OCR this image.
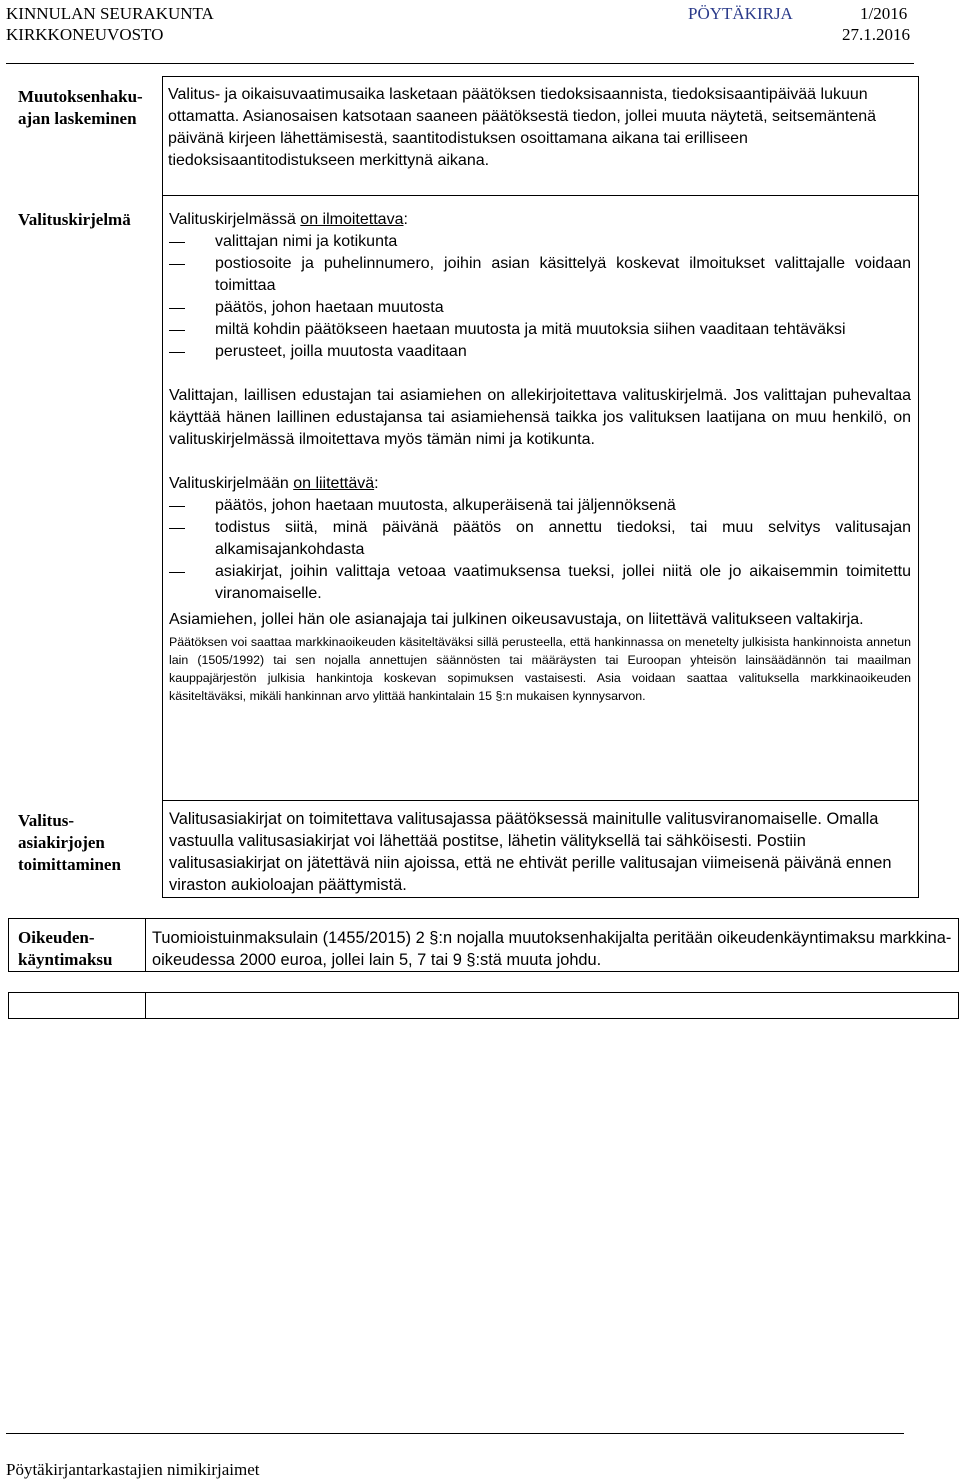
KINNULAN SEURAKUNTA
KIRKKONEUVOSTO
PÖYTÄKIRJA	1/2016
27.1.2016
Muutoksenhaku-ajan laskeminen
Valitus- ja oikaisuvaatimusaika lasketaan päätöksen tiedoksisaannista, tiedoksisaantipäivää lukuun ottamatta. Asianosaisen katsotaan saaneen päätöksestä tiedon, jollei muuta näytetä, seitsemäntenä päivänä kirjeen lähettämisestä, saantitodistuksen osoittamana aikana tai erilliseen tiedoksisaantitodistukseen merkittynä aikana.
Valituskirjelmä	Valituskirjelmässä on ilmoitettava:
valittajan nimi ja kotikunta
postiosoite ja puhelinnumero, joihin asian käsittelyä koskevat ilmoitukset valittajalle voidaan toimittaa
päätös, johon haetaan muutosta
miltä kohdin päätökseen haetaan muutosta ja mitä muutoksia siihen vaaditaan tehtäväksi
perusteet, joilla muutosta vaaditaan
Valittajan, laillisen edustajan tai asiamiehen on allekirjoitettava valituskirjelmä. Jos valittajan puhevaltaa käyttää hänen laillinen edustajansa tai asiamiehensä taikka jos valituksen laatijana on muu henkilö, on valituskirjelmässä ilmoitettava myös tämän nimi ja kotikunta.
Valituskirjelmään on liitettävä:
päätös, johon haetaan muutosta, alkuperäisenä tai jäljennöksenä
todistus siitä, minä päivänä päätös on annettu tiedoksi, tai muu selvitys valitusajan alkamisajankohdasta
asiakirjat, joihin valittaja vetoaa vaatimuksensa tueksi, jollei niitä ole jo aikaisemmin toimitettu viranomaiselle.
Asiamiehen, jollei hän ole asianajaja tai julkinen oikeusavustaja, on liitettävä valitukseen valtakirja.
Päätöksen voi saattaa markkinaoikeuden käsiteltäväksi sillä perusteella, että hankinnassa on menetelty julkisista hankinnoista annetun lain (1505/1992) tai sen nojalla annettujen säännösten tai määräysten tai Euroopan yhteisön lainsäädännön tai maailman kauppajärjestön julkisia hankintoja koskevan sopimuksen vastaisesti. Asia voidaan saattaa valituksella markkinaoikeuden käsiteltäväksi, mikäli hankinnan arvo ylittää hankintalain 15 §:n mukaisen kynnysarvon.
Valitus-asiakirjojen toimittaminen
Valitusasiakirjat on toimitettava valitusajassa päätöksessä mainitulle valitusviranomaiselle. Omalla vastuulla valitusasiakirjat voi lähettää postitse, lähetin välityksellä tai sähköisesti. Postiin valitusasiakirjat on jätettävä niin ajoissa, että ne ehtivät perille valitusajan viimeisenä päivänä ennen viraston aukioloajan päättymistä.
Oikeuden-käyntimaksu
Tuomioistuinmaksulain (1455/2015) 2 §:n nojalla muutoksenhakijalta peritään oikeudenkäyntimaksu markkina-oikeudessa 2000 euroa, jollei lain 5, 7 tai 9 §:stä muuta johdu.
Pöytäkirjantarkastajien nimikirjaimet
